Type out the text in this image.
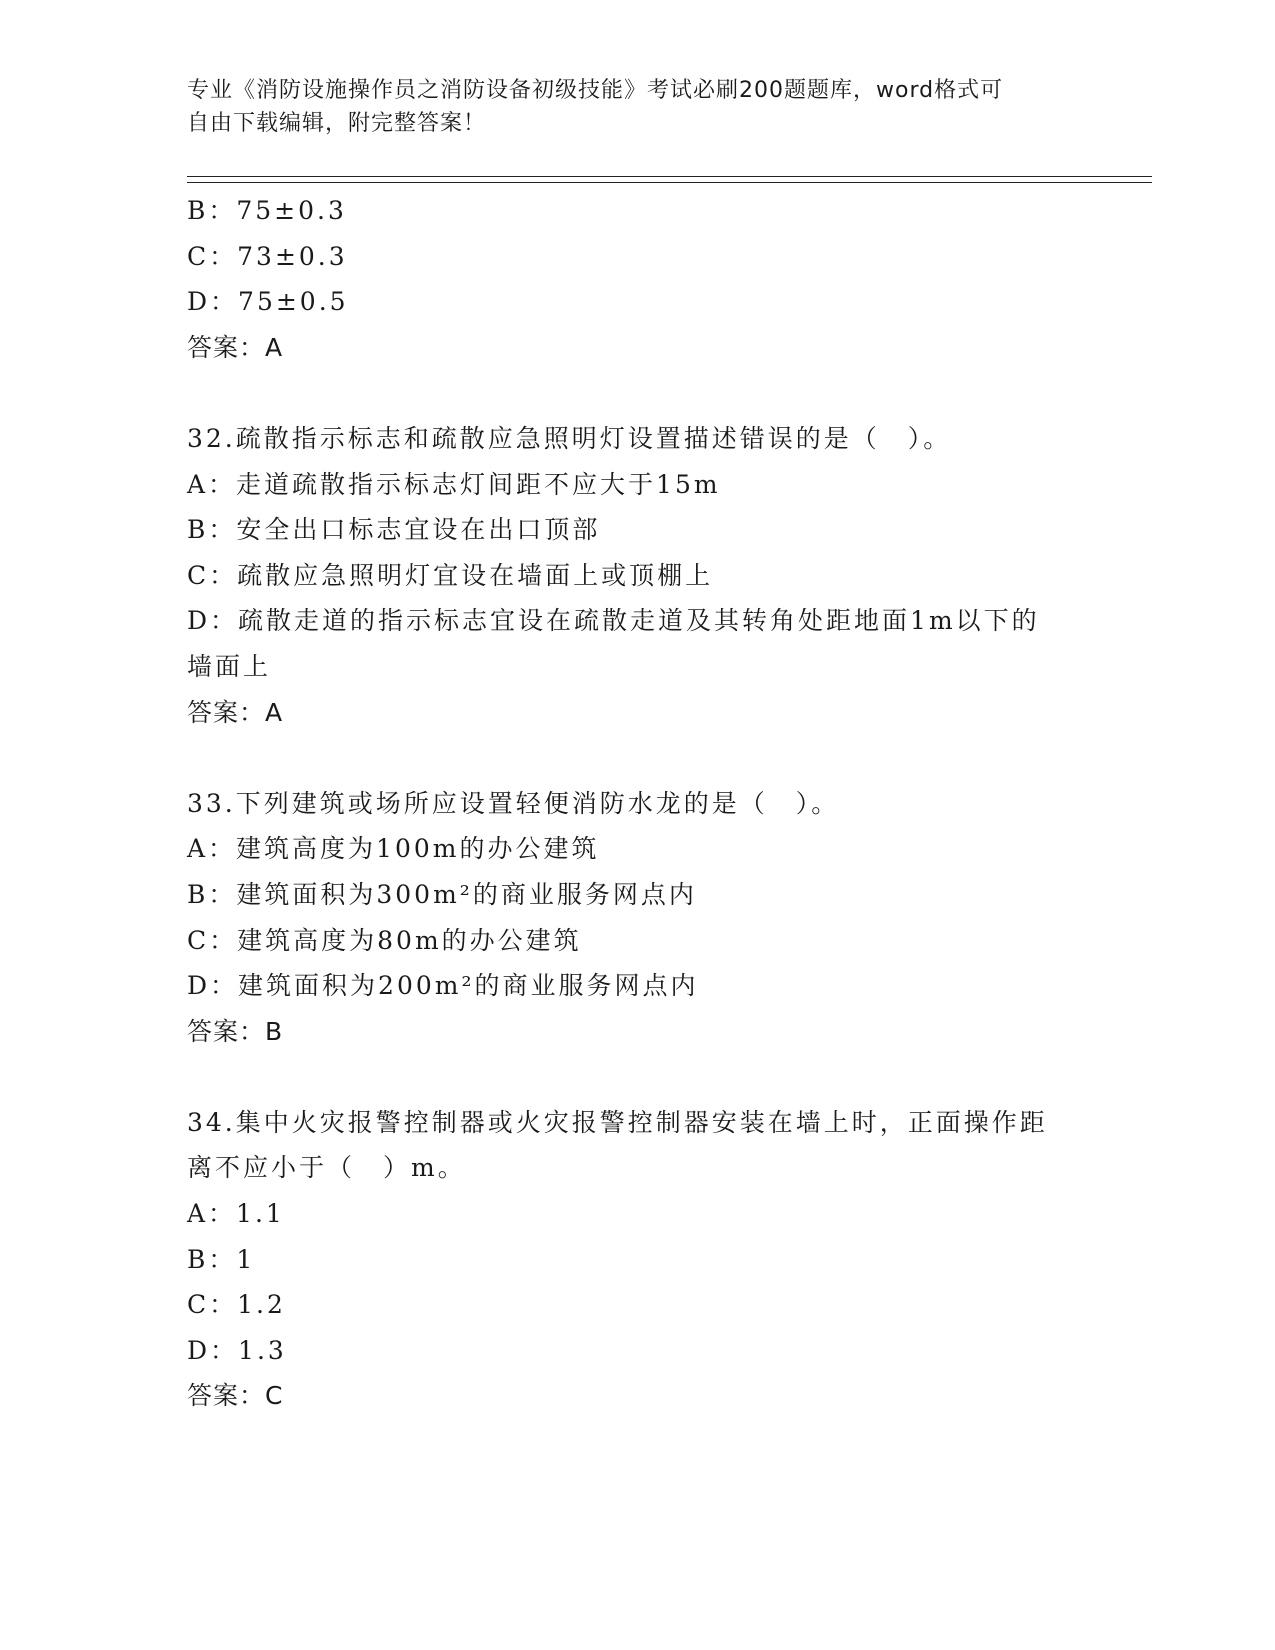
专业《消防设施操作员之消防设备初级技能》考试必刷200题题库，word格式可
自由下载编辑，附完整答案！
B：75±0.3
C：73±0.3
D：75±0.5
答案：A
32.疏散指示标志和疏散应急照明灯设置描述错误的是（　）。
A：走道疏散指示标志灯间距不应大于15m
B：安全出口标志宜设在出口顶部
C：疏散应急照明灯宜设在墙面上或顶棚上
D：疏散走道的指示标志宜设在疏散走道及其转角处距地面1m以下的
墙面上
答案：A
33.下列建筑或场所应设置轻便消防水龙的是（　）。
A：建筑高度为100m的办公建筑
B：建筑面积为300m²的商业服务网点内
C：建筑高度为80m的办公建筑
D：建筑面积为200m²的商业服务网点内
答案：B
34.集中火灾报警控制器或火灾报警控制器安装在墙上时，正面操作距
离不应小于（　）m。
A：1.1
B：1
C：1.2
D：1.3
答案：C
